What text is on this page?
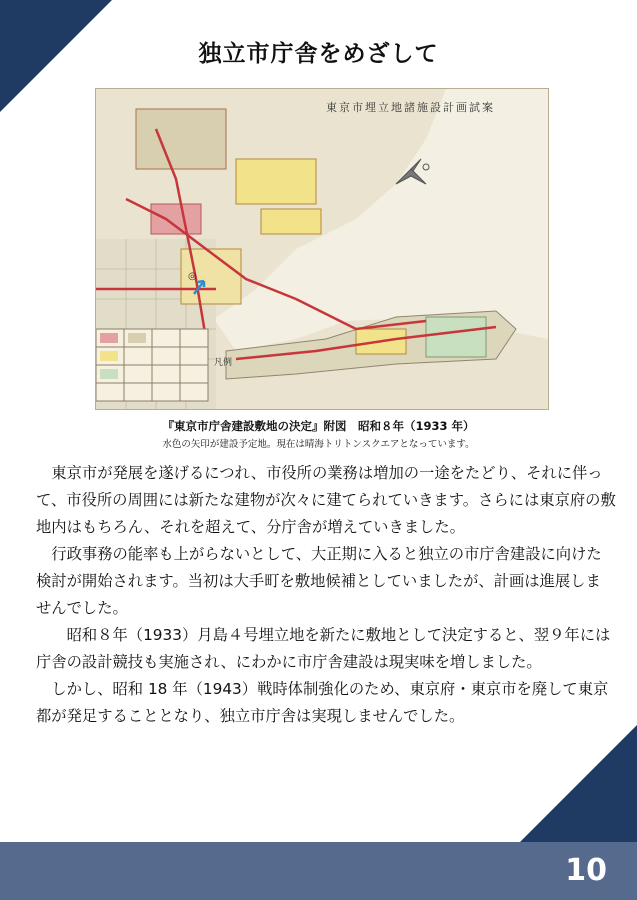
10
独立市庁舎をめざして
東京市埋立地諸施設計画試案
凡例
◎
『東京市庁舎建設敷地の決定』附図　昭和８年（1933 年）
水色の矢印が建設予定地。現在は晴海トリトンスクエアとなっています。

東京市が発展を遂げるにつれ、市役所の業務は増加の一途をたどり、それに伴って、市役所の周囲には新たな建物が次々に建てられていきます。さらには東京府の敷地内はもちろん、それを超えて、分庁舎が増えていきました。

行政事務の能率も上がらないとして、大正期に入ると独立の市庁舎建設に向けた検討が開始されます。当初は大手町を敷地候補としていましたが、計画は進展しませんでした。

昭和８年（1933）月島４号埋立地を新たに敷地として決定すると、翌９年には庁舎の設計競技も実施され、にわかに市庁舎建設は現実味を増しました。

しかし、昭和 18 年（1943）戦時体制強化のため、東京府・東京市を廃して東京都が発足することとなり、独立市庁舎は実現しませんでした。
